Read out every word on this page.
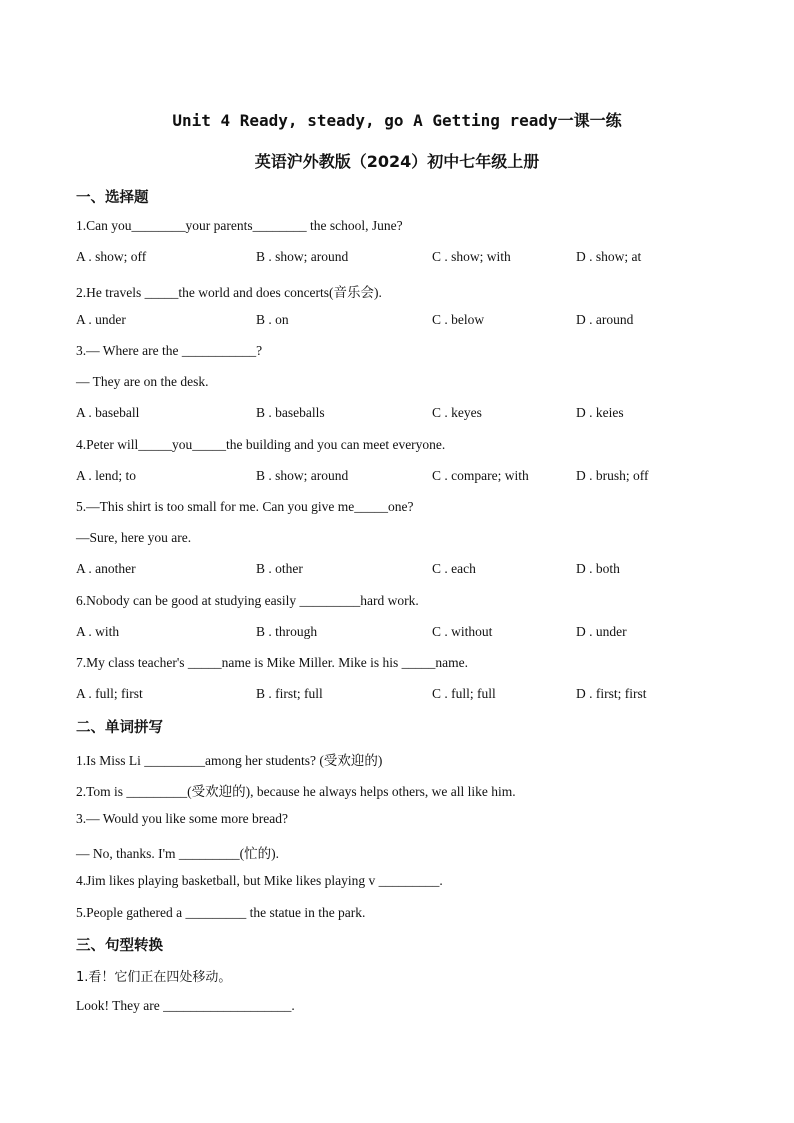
Unit 4 Ready, steady, go A Getting ready一课一练
英语沪外教版（2024）初中七年级上册
一、选择题
1.Can you________your parents________ the school, June?
A . show; off	B . show; around	C . show; with	D . show; at
2.He travels _____the world and does concerts(音乐会).
A . under	B . on	C . below	D . around
3.— Where are the ___________?
— They are on the desk.
A . baseball	B . baseballs	C . keyes	D . keies
4.Peter will_____you_____the building and you can meet everyone.
A . lend; to	B . show; around	C . compare; with	D . brush; off
5.—This shirt is too small for me. Can you give me_____one?
—Sure, here you are.
A . another	B . other	C . each	D . both
6.Nobody can be good at studying easily _________hard work.
A . with	B . through	C . without	D . under
7.My class teacher's _____name is Mike Miller. Mike is his _____name.
A . full; first	B . first; full	C . full; full	D . first; first
二、单词拼写
1.Is Miss Li _________among her students? (受欢迎的)
2.Tom is _________(受欢迎的), because he always helps others, we all like him.
3.— Would you like some more bread?
— No, thanks. I'm _________(忙的).
4.Jim likes playing basketball, but Mike likes playing v _________.
5.People gathered a _________ the statue in the park.
三、句型转换
1.看！它们正在四处移动。
Look! They are ___________________.
